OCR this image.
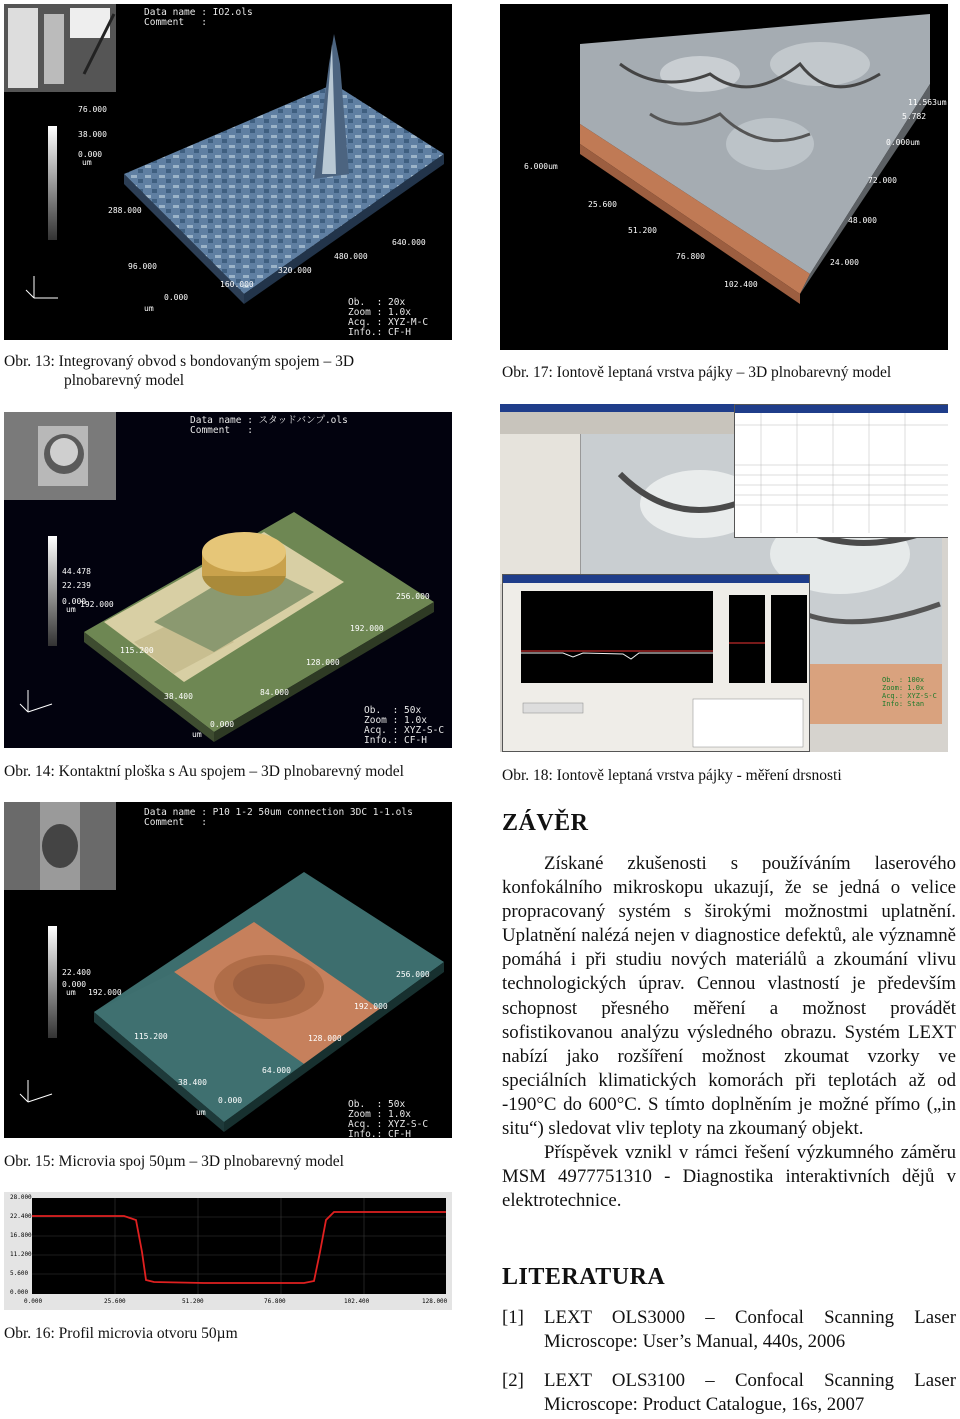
Data name : IO2.ols
Comment   :
76.000
38.000
0.000
um
288.000
96.000
160.000
0.000
um
320.000
480.000
640.000
Ob.  : 20x
Zoom : 1.0x
Acq. : XYZ-M-C
Info.: CF-H
Obr. 13: Integrovaný obvod s bondovaným spojem – 3D
plnobarevný model
6.000um
25.600
51.200
76.800
102.400
24.000
48.000
72.000
0.000um
5.782
11.563um
Obr. 17: Iontově leptaná vrstva pájky – 3D plnobarevný model
Data name : スタッドバンプ.ols
Comment   :
44.478
22.239
0.000
um
192.000
115.200
38.400
0.000
um
84.000
128.000
192.000
256.000
Ob.  : 50x
Zoom : 1.0x
Acq. : XYZ-S-C
Info.: CF-H
Obr. 14: Kontaktní ploška s Au spojem – 3D plnobarevný model
Ob. : 100x
Zoom: 1.0x
Acq.: XYZ-S-C
Info: Stan
Obr. 18: Iontově leptaná vrstva pájky - měření drsnosti
Data name : P10 1-2 50um connection 3DC 1-1.ols
Comment   :
22.400
0.000
um 192.000
115.200
38.400
0.000
um
64.000
128.000
192.000
256.000
Ob.  : 50x
Zoom : 1.0x
Acq. : XYZ-S-C
Info.: CF-H
Obr. 15: Microvia spoj 50µm – 3D plnobarevný model
28.000
22.400
16.800
11.200
5.600
0.000
0.000	25.600	51.200	76.800	102.400	128.000
Obr. 16: Profil microvia otvoru 50µm
ZÁVĚR

Získané zkušenosti s používáním laserového konfokálního mikroskopu ukazují, že se jedná o velice propracovaný systém s širokými možnostmi uplatnění. Uplatnění nalézá nejen v diagnostice defektů, ale významně pomáhá i při studiu nových materiálů a zkoumání vlivu technologických úprav. Cennou vlastností je především schopnost přesného měření a možnost provádět sofistikovanou analýzu výsledného obrazu. Systém LEXT nabízí jako rozšíření možnost zkoumat vzorky ve speciálních klimatických komorách při teplotách až od -190°C do 600°C. S tímto doplněním je možné přímo („in situ“) sledovat vliv teploty na zkoumaný objekt.

Příspěvek vznikl v rámci řešení výzkumného záměru MSM 4977751310 - Diagnostika interaktivních dějů v elektrotechnice.

LITERATURA
[1] LEXT OLS3000 – Confocal Scanning Laser
Microscope: User’s Manual, 440s, 2006
[2] LEXT OLS3100 – Confocal Scanning Laser
Microscope: Product Catalogue, 16s, 2007
